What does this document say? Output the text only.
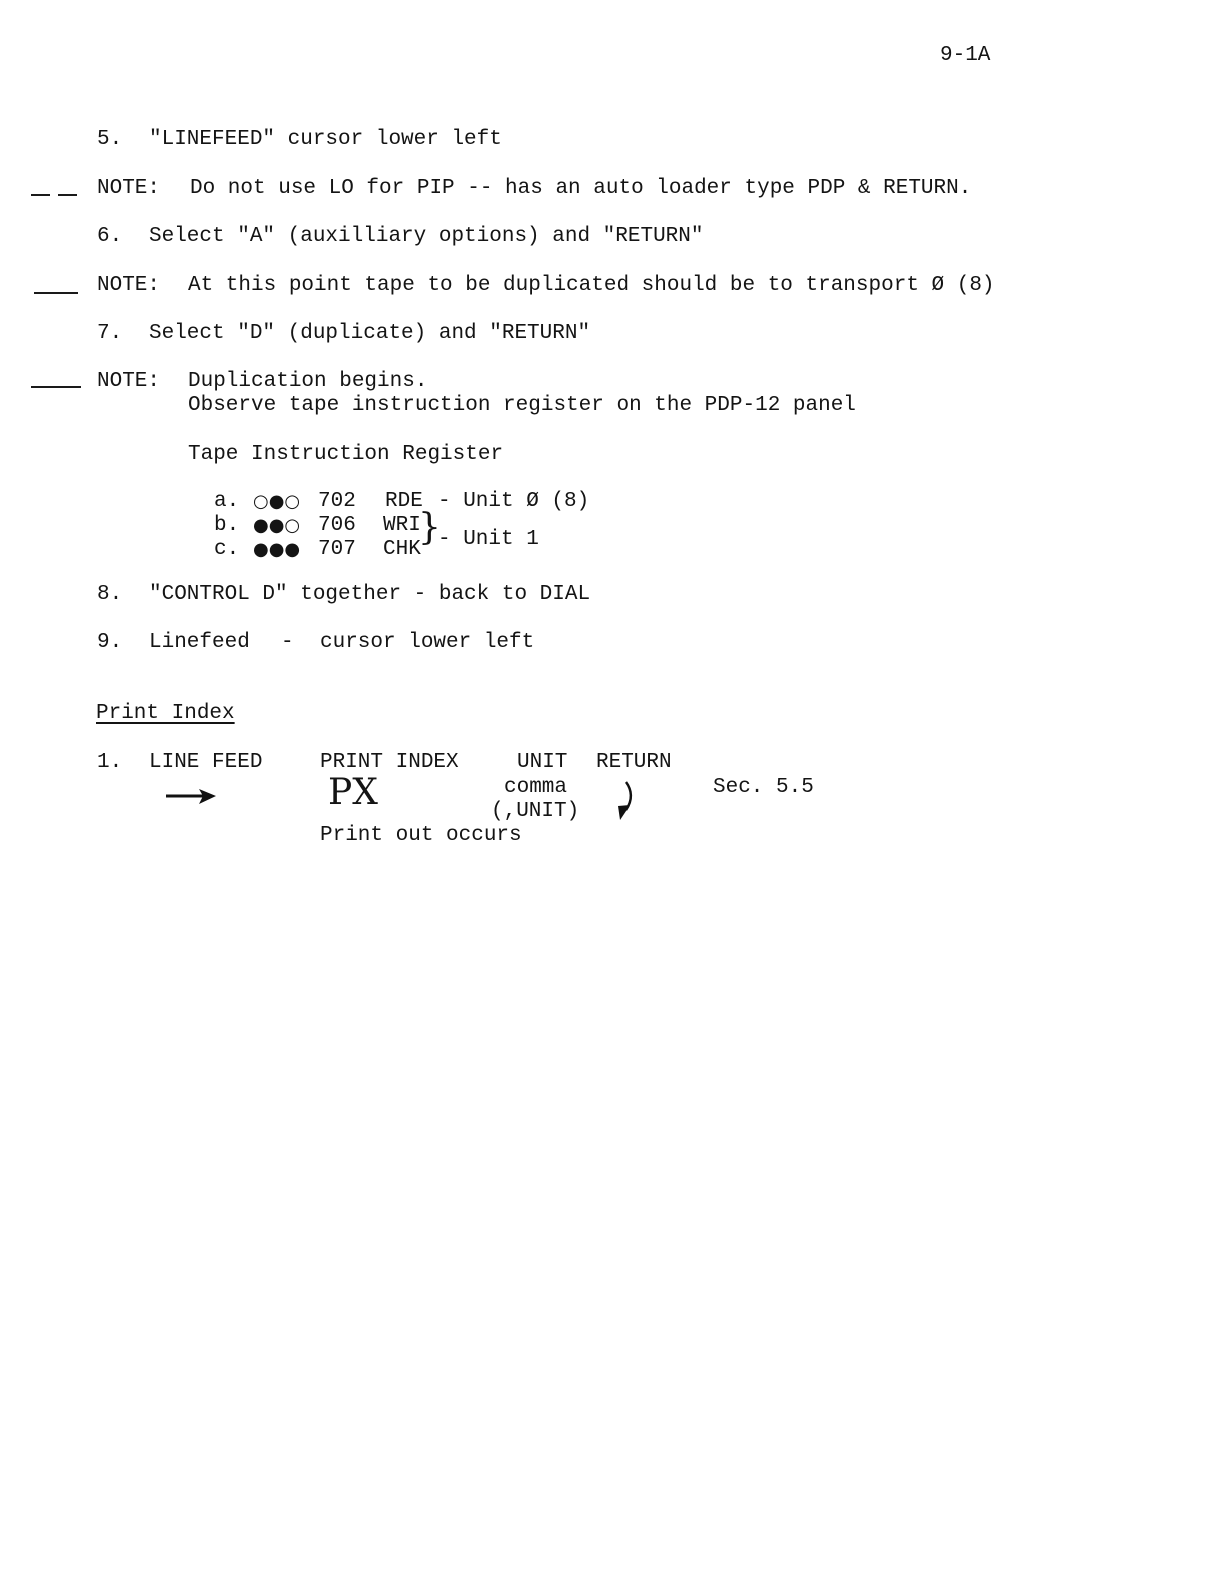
9-1A
5. "LINEFEED" cursor lower left
NOTE: Do not use LO for PIP -- has an auto loader type PDP & RETURN.
6. Select "A" (auxilliary options) and "RETURN"
NOTE: At this point tape to be duplicated should be to transport Ø (8)
7. Select "D" (duplicate) and "RETURN"
NOTE: Duplication begins.
Observe tape instruction register on the PDP-12 panel
Tape Instruction Register
a. ○●○ 702 RDE - Unit Ø (8)
b. ●●○ 706 WRI
c. ●●● 707 CHK
}
- Unit 1
8. "CONTROL D" together - back to DIAL
9. Linefeed - cursor lower left
Print Index
1. LINE FEED	PRINT INDEX	UNIT RETURN
PX	comma
(,UNIT)
Sec. 5.5
Print out occurs
